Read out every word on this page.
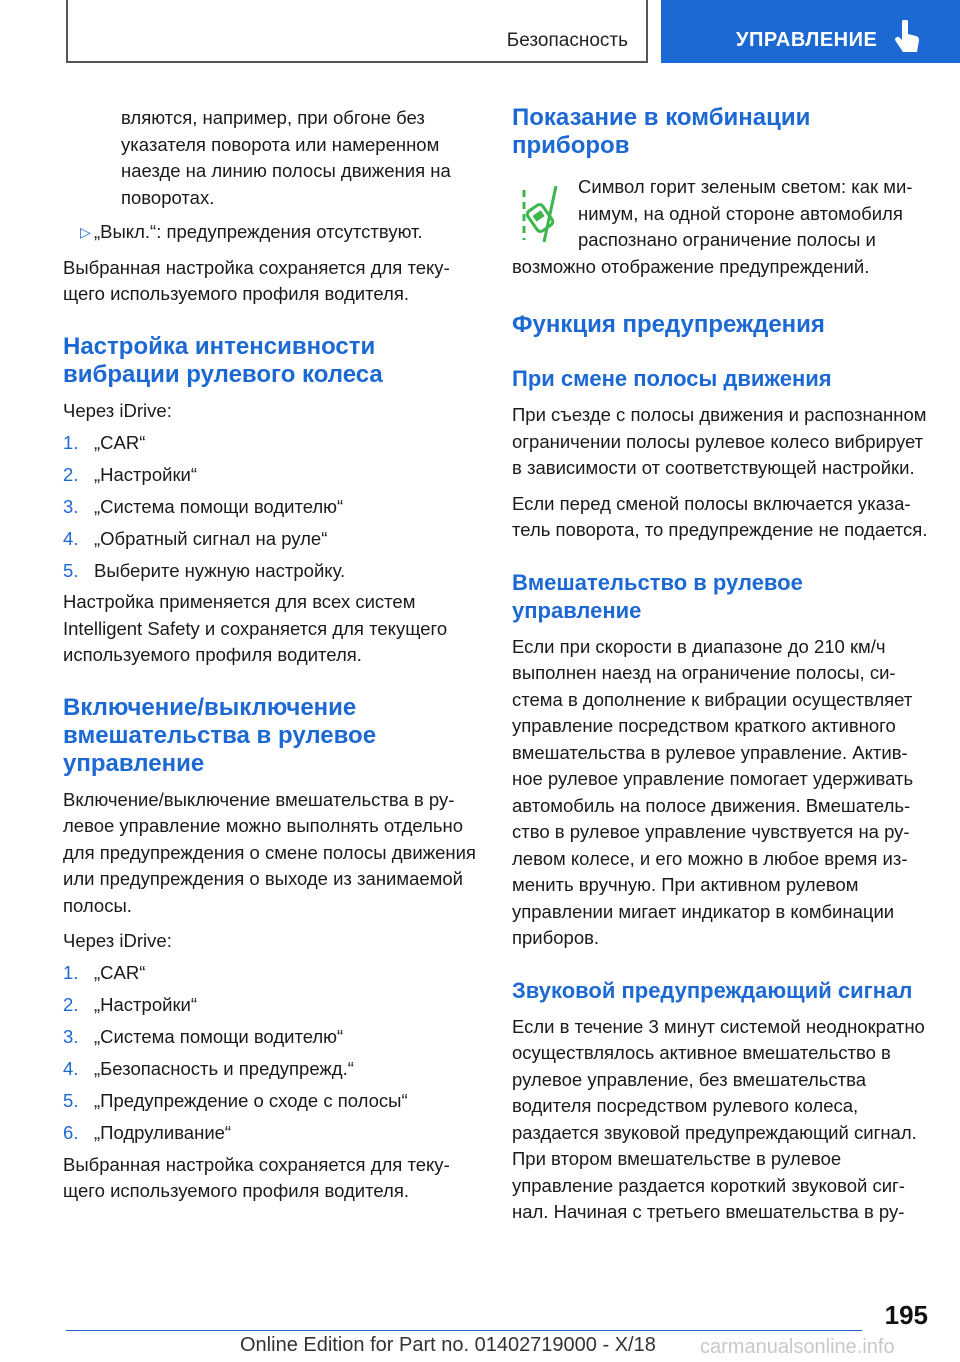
Безопасность	УПРАВЛЕНИЕ

вляются, например, при обгоне без указателя поворота или намеренном наезде на линию полосы движения на поворотах.

▷ „Выкл.“: предупреждения отсутствуют.

Выбранная настройка сохраняется для текущего используемого профиля водителя.

Настройка интенсивности вибрации рулевого колеса

Через iDrive:

1. „CAR“
2. „Настройки“
3. „Система помощи водителю“
4. „Обратный сигнал на руле“
5. Выберите нужную настройку.

Настройка применяется для всех систем Intelligent Safety и сохраняется для текущего используемого профиля водителя.

Включение/выключение вмешательства в рулевое управление

Включение/выключение вмешательства в рулевое управление можно выполнять отдельно для предупреждения о смене полосы движения или предупреждения о выходе из занимаемой полосы.

Через iDrive:

1. „CAR“
2. „Настройки“
3. „Система помощи водителю“
4. „Безопасность и предупрежд.“
5. „Предупреждение о сходе с полосы“
6. „Подруливание“

Выбранная настройка сохраняется для текущего используемого профиля водителя.

Показание в комбинации приборов

Символ горит зеленым светом: как минимум, на одной стороне автомобиля распознано ограничение полосы и

возможно отображение предупреждений.

Функция предупреждения
При смене полосы движения

При съезде с полосы движения и распознанном ограничении полосы рулевое колесо вибрирует в зависимости от соответствующей настройки.

Если перед сменой полосы включается указатель поворота, то предупреждение не подается.

Вмешательство в рулевое управление

Если при скорости в диапазоне до 210 км/ч выполнен наезд на ограничение полосы, система в дополнение к вибрации осуществляет управление посредством краткого активного вмешательства в рулевое управление. Активное рулевое управление помогает удерживать автомобиль на полосе движения. Вмешательство в рулевое управление чувствуется на рулевом колесе, и его можно в любое время изменить вручную. При активном рулевом управлении мигает индикатор в комбинации приборов.

Звуковой предупреждающий сигнал

Если в течение 3 минут системой неоднократно осуществлялось активное вмешательство в рулевое управление, без вмешательства водителя посредством рулевого колеса, раздается звуковой предупреждающий сигнал. При втором вмешательстве в рулевое управление раздается короткий звуковой сигнал. Начиная с третьего вмешательства в ру-

195
Online Edition for Part no. 01402719000 - X/18 carmanualsonline.info
